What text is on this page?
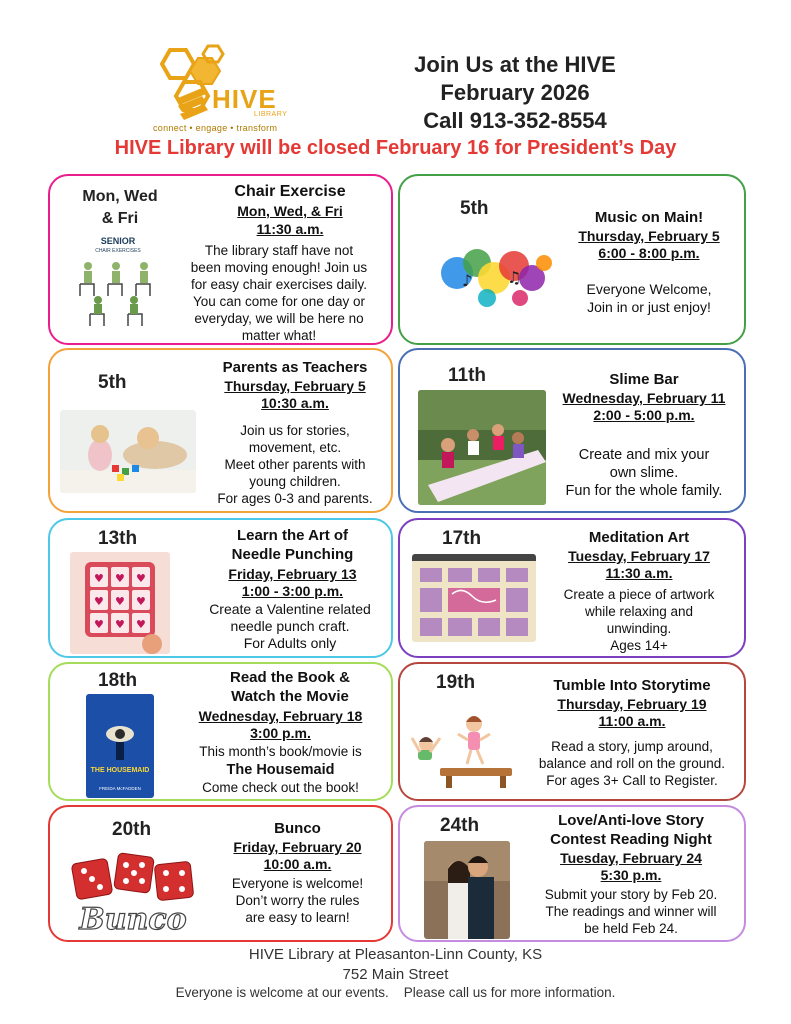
HIVE
LIBRARY
connect • engage • transform
Join Us at the HIVE
February 2026
Call 913-352-8554
HIVE Library will be closed February 16 for President’s Day
Mon, Wed
& Fri
SENIOR
CHAIR EXERCISES
Chair Exercise
Mon, Wed, & Fri
11:30 a.m.
The library staff have not
been moving enough! Join us
for easy chair exercises daily.
You can come for one day or
everyday, we will be here no
matter what!
5th
♪ ♫
Music on Main!
Thursday, February 5
6:00 - 8:00 p.m.
Everyone Welcome,
Join in or just enjoy!
5th
Parents as Teachers
Thursday, February 5
10:30 a.m.
Join us for stories,
movement, etc.
Meet other parents with
young children.
For ages 0-3 and parents.
11th	Slime Bar
Wednesday, February 11
2:00 - 5:00 p.m.
Create and mix your
own slime.
Fun for the whole family.
13th
♥ ♥ ♥
♥ ♥ ♥
♥ ♥ ♥
Learn the Art of
Needle Punching
Friday, February 13
1:00 - 3:00 p.m.
Create a Valentine related
needle punch craft.
For Adults only
17th	Meditation Art
Tuesday, February 17
11:30 a.m.
Create a piece of artwork
while relaxing and
unwinding.
Ages 14+
18th
THE HOUSEMAID
FREIDA McFADDEN
Read the Book &
Watch the Movie
Wednesday, February 18
3:00 p.m.
This month’s book/movie is
The Housemaid
Come check out the book!
19th	Tumble Into Storytime
Thursday, February 19
11:00 a.m.
Read a story, jump around,
balance and roll on the ground.
For ages 3+ Call to Register.
20th
Bunco
Bunco
Friday, February 20
10:00 a.m.
Everyone is welcome!
Don’t worry the rules
are easy to learn!
24th	Love/Anti-love Story
Contest Reading Night
Tuesday, February 24
5:30 p.m.
Submit your story by Feb 20.
The readings and winner will
be held Feb 24.
HIVE Library at Pleasanton-Linn County, KS
752 Main Street
Everyone is welcome at our events.    Please call us for more information.
